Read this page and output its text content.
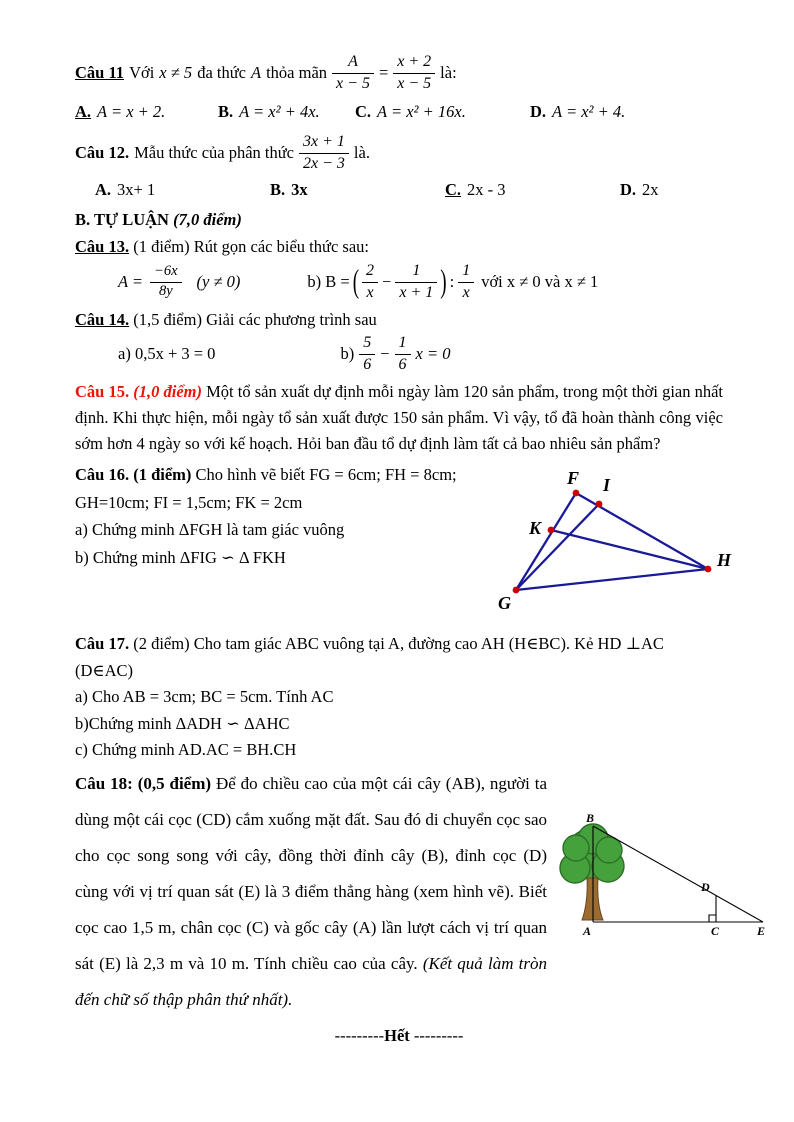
Câu 11 Với x ≠ 5 đa thức A thỏa mãn $\frac{A}{x - 5} = \frac{x + 2}{x - 5}$ là:
A. A = x + 2.	B. A = x² + 4x. C. A = x² + 16x.	D. A = x² + 4.
Câu 12. Mẫu thức của phân thức $\frac{3x + 1}{2x - 3}$ là.
A. 3x+ 1	B. 3x	C. 2x - 3	D. 2x
B. TỰ LUẬN (7,0 điểm)
Câu 13. (1 điểm) Rút gọn các biểu thức sau:
$A = \frac{-6x}{8y} (y \ne 0)$	b) B = ( $\frac{2}{x} - \frac{1}{x + 1}$ ) : $\frac{1}{x}$ với x ≠ 0 và x ≠ 1
Câu 14. (1,5 điểm) Giải các phương trình sau
a) 0,5x + 3 = 0	$b) \frac{5}{6} - \frac{1}{6}$ x = 0

Câu 15. (1,0 điểm) Một tổ sản xuất dự định mỗi ngày làm 120 sản phẩm, trong một thời gian nhất định. Khi thực hiện, mỗi ngày tổ sản xuất được 150 sản phẩm. Vì vậy, tổ đã hoàn thành công việc sớm hơn 4 ngày so với kế hoạch. Hỏi ban đầu tổ dự định làm tất cả bao nhiêu sản phẩm?

Câu 16. (1 điểm) Cho hình vẽ biết FG = 6cm; FH = 8cm;
GH=10cm; FI = 1,5cm; FK = 2cm
a) Chứng minh ΔFGH là tam giác vuông
b) Chứng minh ΔFIG ∽ Δ FKH
F I
K
G
H
Câu 17. (2 điểm) Cho tam giác ABC vuông tại A, đường cao AH (H∈BC). Kẻ HD ⊥AC (D∈AC)
a) Cho AB = 3cm; BC = 5cm. Tính AC
b)Chứng minh ΔADH ∽ ΔAHC
c) Chứng minh AD.AC = BH.CH

Câu 18: (0,5 điểm) Để đo chiều cao của một cái cây (AB), người ta dùng một cái cọc (CD) cắm xuống mặt đất. Sau đó di chuyển cọc sao cho cọc song song với cây, đồng thời đỉnh cây (B), đỉnh cọc (D) cùng với vị trí quan sát (E) là 3 điểm thẳng hàng (xem hình vẽ). Biết cọc cao 1,5 m, chân cọc (C) và gốc cây (A) lần lượt cách vị trí quan sát (E) là 2,3 m và 10 m. Tính chiều cao của cây. (Kết quả làm tròn đến chữ số thập phân thứ nhất).

B
A
D
C	E
---------Hết ---------
